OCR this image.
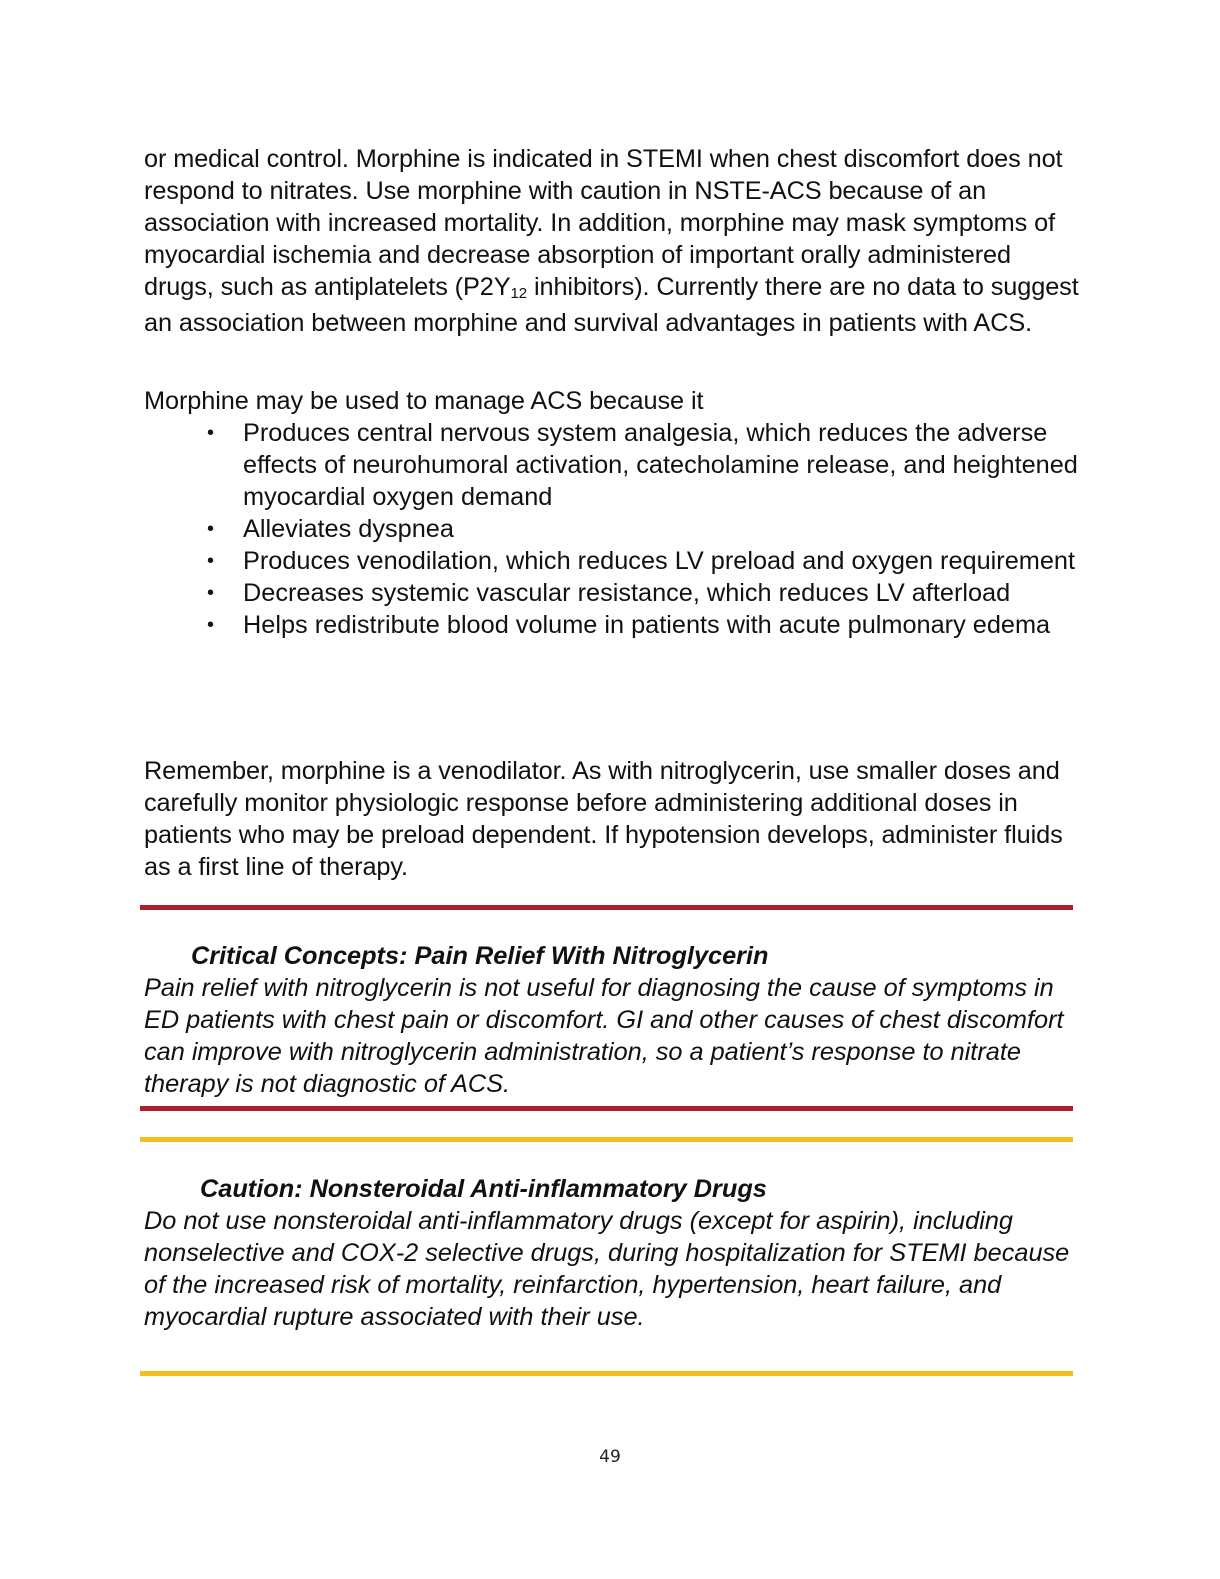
or medical control. Morphine is indicated in STEMI when chest discomfort does not respond to nitrates. Use morphine with caution in NSTE-ACS because of an association with increased mortality. In addition, morphine may mask symptoms of myocardial ischemia and decrease absorption of important orally administered drugs, such as antiplatelets ($P2Y_{12}$ inhibitors). Currently there are no data to suggest an association between morphine and survival advantages in patients with ACS.

Morphine may be used to manage ACS because it

• Produces central nervous system analgesia, which reduces the adverse effects of neurohumoral activation, catecholamine release, and heightened myocardial oxygen demand
• Alleviates dyspnea
• Produces venodilation, which reduces LV preload and oxygen requirement
• Decreases systemic vascular resistance, which reduces LV afterload
• Helps redistribute blood volume in patients with acute pulmonary edema

Remember, morphine is a venodilator. As with nitroglycerin, use smaller doses and carefully monitor physiologic response before administering additional doses in patients who may be preload dependent. If hypotension develops, administer fluids as a first line of therapy.

Critical Concepts: Pain Relief With Nitroglycerin

Pain relief with nitroglycerin is not useful for diagnosing the cause of symptoms in ED patients with chest pain or discomfort. GI and other causes of chest discomfort can improve with nitroglycerin administration, so a patient’s response to nitrate therapy is not diagnostic of ACS.

Caution: Nonsteroidal Anti-inflammatory Drugs

Do not use nonsteroidal anti-inflammatory drugs (except for aspirin), including nonselective and COX-2 selective drugs, during hospitalization for STEMI because of the increased risk of mortality, reinfarction, hypertension, heart failure, and myocardial rupture associated with their use.

49
